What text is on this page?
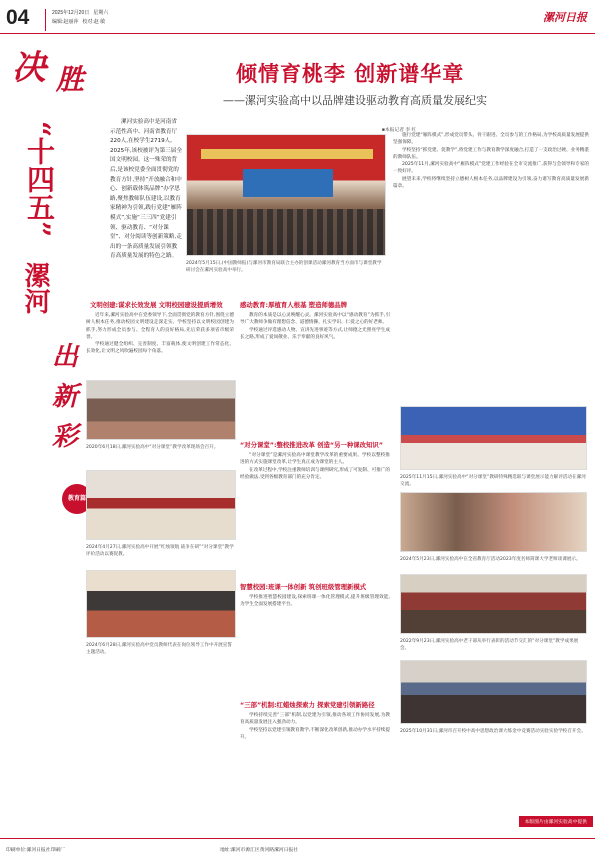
04	2025年12月20日 星期六
编辑:赵丽萍 校对:赵 敏	漯河日报
决 胜
“十四五”
漯河
出
新
彩
教育篇
漯河实验高中是河南省示范性高中、河南省教育厅220人,在校学生2719人。2025年,该校被评为第三届全国文明校园。这一殊荣的背后,是该校党委全面贯彻党的教育方针,坚持“开放融合和中心、创新载体筑品牌”办学思路,聚焦教师队伍建设,以教育家精神为引领,践行党建“雁阵模式”,实施“三三四”党建引领、驱动教育、“对分课堂”、对分阅读等创新策略,走出的一条高质量发展引领教育高质量发展的特色之路。
倾情育桃李 创新谱华章
——漯河实验高中以品牌建设驱动教育高质量发展纪实
■本报记者 李 红
2024年5月15日,(中国教师报)与漯河市教育局联合主办的创课活动漯河教育当方面市与课堂教学研讨会在漯河实验高中举行。

施行党建“雁阵模式”,形成党员带头、骨干跟进、全员参与的工作格局,为学校高质量发展提供坚强保障。

学校坚持“抓党建、促教学”,将党建工作与教育教学深度融合,打造了一支政治过硬、业务精湛的教师队伍。

2025年11月,漯河实验高中“雁阵模式”党建工作经验在全市交流推广,获得与会领导和专家的一致好评。

展望未来,学校将继续坚持立德树人根本任务,以品牌建设为引领,奋力谱写教育高质量发展新篇章。

文明创建:谋求长效发展 文明校园建设提质增效

近年来,漯河实验高中在党委领导下,全面贯彻党的教育方针,围绕立德树人根本任务,推动校园文明建设走深走实。学校坚持以文明校园创建为抓手,努力形成全员参与、全程育人的良好格局,先后荣获多项省市级荣誉。

学校通过健全组织、完善制度、丰富载体,使文明创建工作常态化、长效化,让文明之风吹遍校园每个角落。

感动教育:厚植育人根基 塑造师德品牌

教育的本质是以心灵唤醒心灵。漯河实验高中以“感动教育”为抓手,引导广大教师争做有理想信念、道德情操、扎实学识、仁爱之心的好老师。

学校通过评选感动人物、宣讲先进事迹等方式,让师德之光照亮学生成长之路,形成了爱岗敬业、乐于奉献的良好风气。

“对分课堂”:整校推进改革 创造“另一种课改知识”

“对分课堂”是漯河实验高中课堂教学改革的重要成果。学校以整校推进的方式实施课堂改革,让学生真正成为课堂的主人。

在改革过程中,学校注重教师培训与课例研究,形成了可复制、可推广的经验做法,受到各级教育部门的充分肯定。

智慧校园:班课一体创新 筑创班级管理新模式

学校推进智慧校园建设,探索班课一体化管理模式,提升班级管理效能,为学生全面发展搭建平台。

“三部”机制:红蜡烛探索力 探索党建引领新路径

学校持续完善“三部”机制,以党建为引领,推动各项工作协同发展,为教育高质量发展注入强劲动力。

学校坚持以党建引领教育教学,不断深化改革创新,推动办学水平持续提升。

2020年6月18日,漯河实验高中“对分课堂”教学改革现场会召开。
2024年4月27日,漯河实验高中开展“红烛领航 战争在研”“对分课堂”教学评价活动以赛促教。
2024年6月28日,漯河实验高中党员教师代表在岗位领导工作中开展宣誓主题活动。
2025年11月15日,漯河实验高中“对分课堂”教研特殊精选联与课堂展示能力解评活动在漯河交流。
2024年5月23日,漯河实验高中在全省教育厅活动2023年度名师简课大学老师谈课展示。
2022年9月23日,漯河实验高中老干部从举行表彰的活动节交汇的“对分课堂”教学成果展会。
2025年10月31日,漯河市召开校中高中思想政治课大练金中竞赛活动实验实验学校召开会。
本版图片由漯河实验高中提供
印刷单位:漯河日报社印刷厂	地址:漯河市源汇区黄河路漯河日报社
